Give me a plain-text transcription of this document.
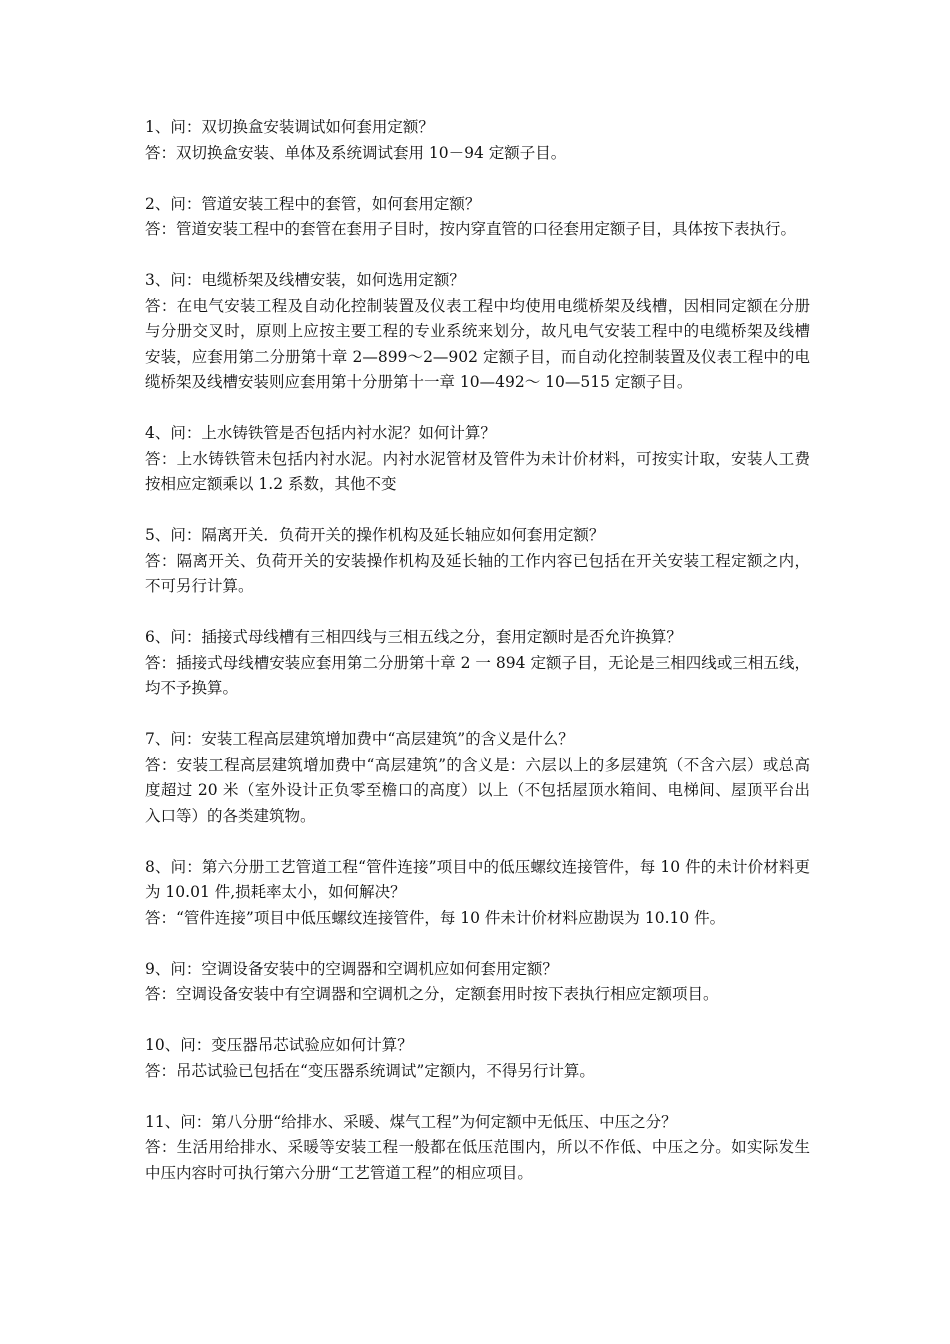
1、问：双切换盒安装调试如何套用定额？

答：双切换盒安装、单体及系统调试套用 10－94 定额子目。

2、问：管道安装工程中的套管，如何套用定额？

答：管道安装工程中的套管在套用子目时，按内穿直管的口径套用定额子目，具体按下表执行。

3、问：电缆桥架及线槽安装，如何选用定额？

答：在电气安装工程及自动化控制装置及仪表工程中均使用电缆桥架及线槽，因相同定额在分册与分册交叉时，原则上应按主要工程的专业系统来划分，故凡电气安装工程中的电缆桥架及线槽安装，应套用第二分册第十章 2—899～2—902 定额子目，而自动化控制装置及仪表工程中的电缆桥架及线槽安装则应套用第十分册第十一章 10—492～ 10—515 定额子目。

4、问：上水铸铁管是否包括内衬水泥？如何计算？

答：上水铸铁管未包括内衬水泥。内衬水泥管材及管件为未计价材料，可按实计取，安装人工费按相应定额乘以 1.2 系数，其他不变

5、问：隔离开关．负荷开关的操作机构及延长轴应如何套用定额？

答：隔离开关、负荷开关的安装操作机构及延长轴的工作内容已包括在开关安装工程定额之内，不可另行计算。

6、问：插接式母线槽有三相四线与三相五线之分，套用定额时是否允许换算？

答：插接式母线槽安装应套用第二分册第十章 2 一 894 定额子目，无论是三相四线或三相五线，均不予换算。

7、问：安装工程高层建筑增加费中“高层建筑”的含义是什么？

答：安装工程高层建筑增加费中“高层建筑”的含义是：六层以上的多层建筑（不含六层）或总高度超过 20 米（室外设计正负零至檐口的高度）以上（不包括屋顶水箱间、电梯间、屋顶平台出入口等）的各类建筑物。

8、问：第六分册工艺管道工程“管件连接”项目中的低压螺纹连接管件，每 10 件的未计价材料更为 10.01 件,损耗率太小，如何解决？

答：“管件连接”项目中低压螺纹连接管件，每 10 件未计价材料应勘误为 10.10 件。

9、问：空调设备安装中的空调器和空调机应如何套用定额？

答：空调设备安装中有空调器和空调机之分，定额套用时按下表执行相应定额项目。

10、问：变压器吊芯试验应如何计算？

答：吊芯试验已包括在“变压器系统调试”定额内，不得另行计算。

11、问：第八分册“给排水、采暖、煤气工程”为何定额中无低压、中压之分？

答：生活用给排水、采暖等安装工程一般都在低压范围内，所以不作低、中压之分。如实际发生中压内容时可执行第六分册“工艺管道工程”的相应项目。
